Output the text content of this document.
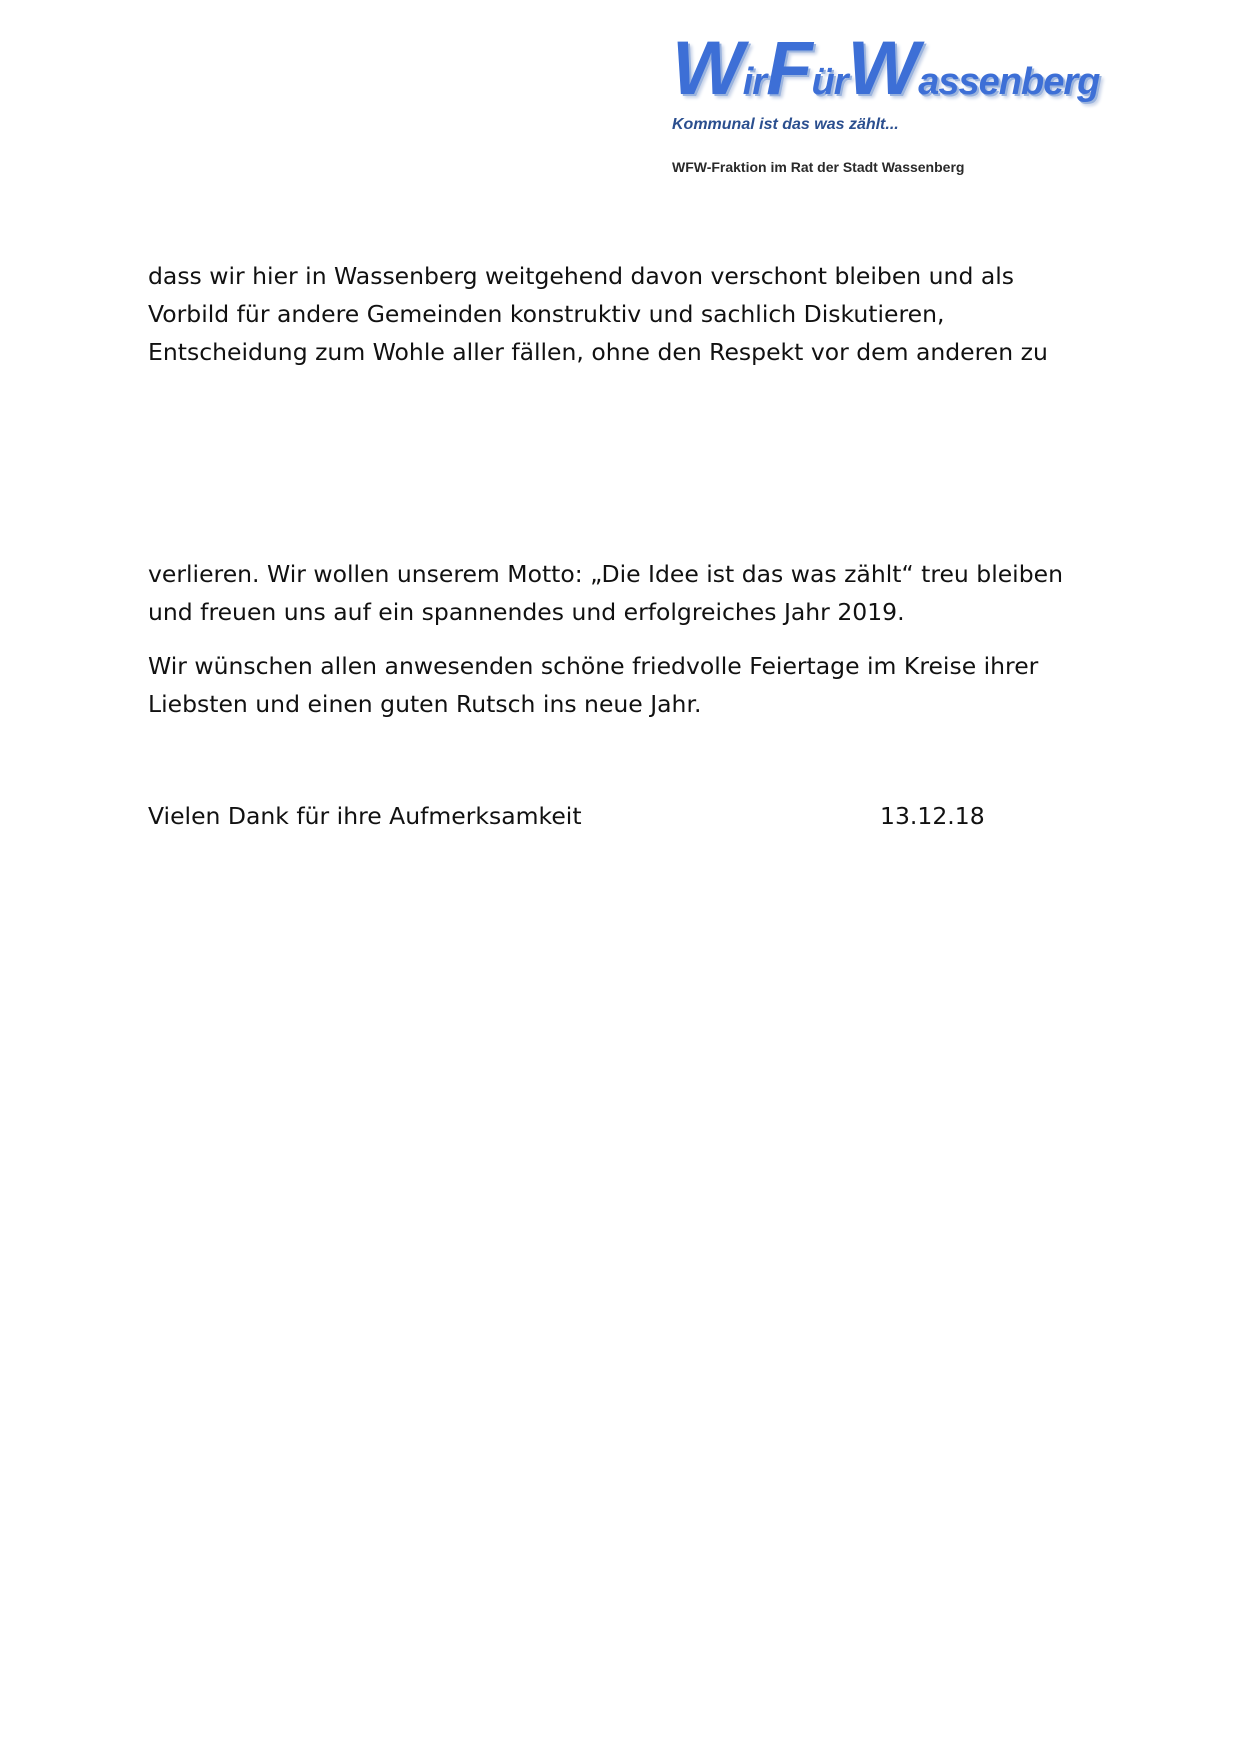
WirFürWassenberg
Kommunal ist das was zählt...
WFW-Fraktion im Rat der Stadt Wassenberg

dass wir hier in Wassenberg weitgehend davon verschont bleiben und als

Vorbild für andere Gemeinden konstruktiv und sachlich Diskutieren,

Entscheidung zum Wohle aller fällen, ohne den Respekt vor dem anderen zu

verlieren. Wir wollen unserem Motto: „Die Idee ist das was zählt“ treu bleiben

und freuen uns auf ein spannendes und erfolgreiches Jahr 2019.

Wir wünschen allen anwesenden schöne friedvolle Feiertage im Kreise ihrer

Liebsten und einen guten Rutsch ins neue Jahr.

Vielen Dank für ihre Aufmerksamkeit	13.12.18
